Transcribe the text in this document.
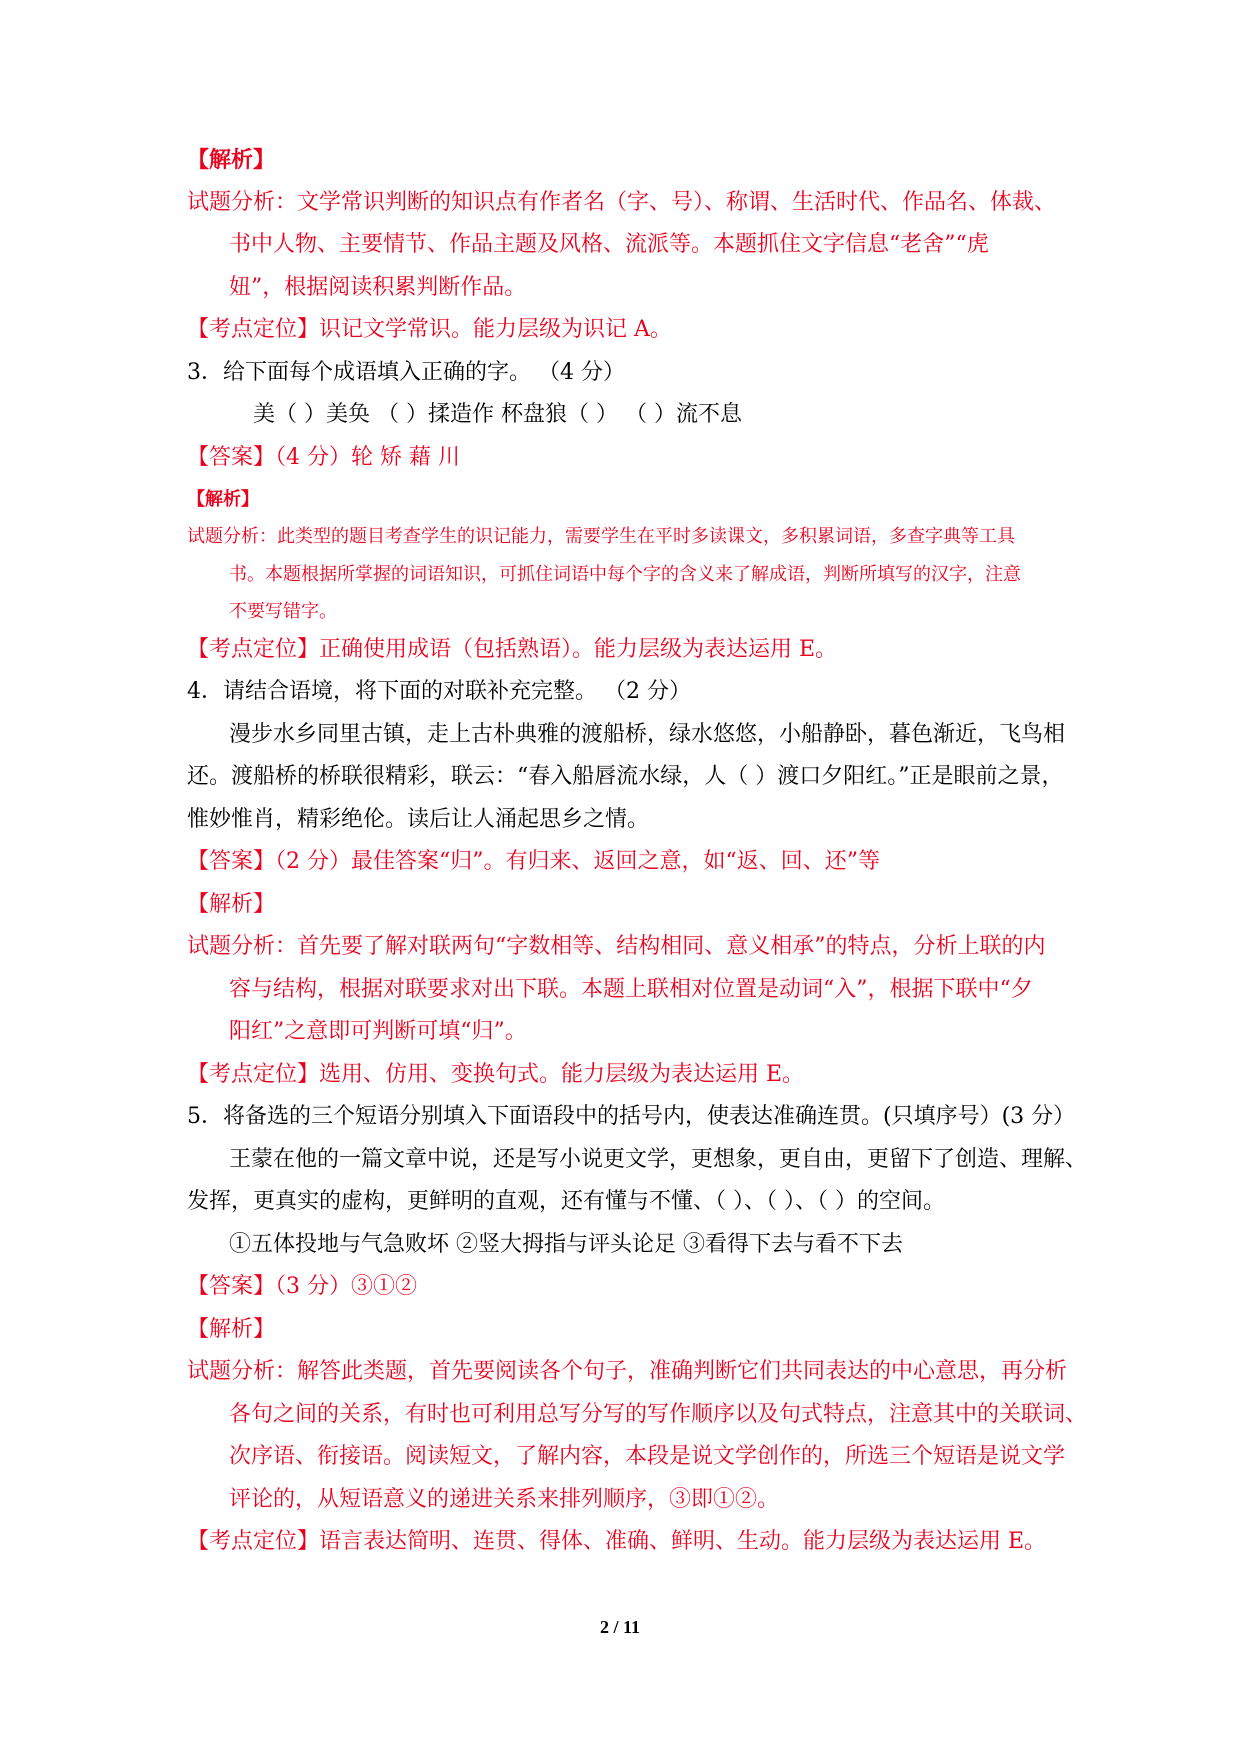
【解析】
试题分析：文学常识判断的知识点有作者名（字、号）、称谓、生活时代、作品名、体裁、
书中人物、主要情节、作品主题及风格、流派等。本题抓住文字信息“老舍”“虎
妞”，根据阅读积累判断作品。
【考点定位】识记文学常识。能力层级为识记 A。
3．给下面每个成语填入正确的字。 （4 分）
美（ ）美奂 （ ）揉造作 杯盘狼（ ） （ ）流不息
【答案】（4 分）轮 矫 藉 川
【解析】
试题分析：此类型的题目考查学生的识记能力，需要学生在平时多读课文，多积累词语，多查字典等工具
书。本题根据所掌握的词语知识，可抓住词语中每个字的含义来了解成语，判断所填写的汉字，注意
不要写错字。
【考点定位】正确使用成语（包括熟语）。能力层级为表达运用 E。
4．请结合语境，将下面的对联补充完整。 （2 分）
漫步水乡同里古镇，走上古朴典雅的渡船桥，绿水悠悠，小船静卧，暮色渐近，飞鸟相
还。渡船桥的桥联很精彩，联云：“春入船唇流水绿，人（ ）渡口夕阳红。”正是眼前之景，
惟妙惟肖，精彩绝伦。读后让人涌起思乡之情。
【答案】（2 分）最佳答案“归”。有归来、返回之意，如“返、回、还”等
【解析】
试题分析：首先要了解对联两句“字数相等、结构相同、意义相承”的特点，分析上联的内
容与结构，根据对联要求对出下联。本题上联相对位置是动词“入”，根据下联中“夕
阳红”之意即可判断可填“归”。
【考点定位】选用、仿用、变换句式。能力层级为表达运用 E。
5．将备选的三个短语分别填入下面语段中的括号内，使表达准确连贯。(只填序号）(3 分）
王蒙在他的一篇文章中说，还是写小说更文学，更想象，更自由，更留下了创造、理解、
发挥，更真实的虚构，更鲜明的直观，还有懂与不懂、（ ）、（ ）、（ ）的空间。
①五体投地与气急败坏 ②竖大拇指与评头论足 ③看得下去与看不下去
【答案】（3 分）③①②
【解析】
试题分析：解答此类题，首先要阅读各个句子，准确判断它们共同表达的中心意思，再分析
各句之间的关系，有时也可利用总写分写的写作顺序以及句式特点，注意其中的关联词、
次序语、衔接语。阅读短文，了解内容，本段是说文学创作的，所选三个短语是说文学
评论的，从短语意义的递进关系来排列顺序，③即①②。
【考点定位】语言表达简明、连贯、得体、准确、鲜明、生动。能力层级为表达运用 E。
2 / 11
